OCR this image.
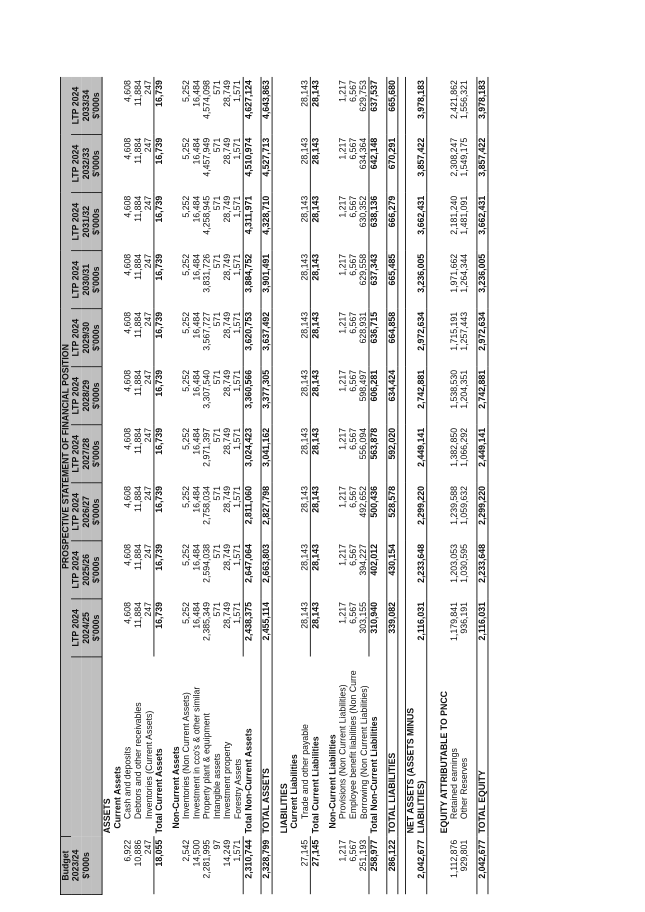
Budget	PROSPECTIVE STATEMENT OF FINANCIAL POSITION										
2023/24		LTP 2024	LTP 2024	LTP 2024	LTP 2024	LTP 2024	LTP 2024	LTP 2024	LTP 2024	LTP 2024	LTP 2024
$'000s		2024/25	2025/26	2026/27	2027/28	2028/29	2029/30	2030/31	2031/32	2032/33	2033/34
		$'000s	$'000s	$'000s	$'000s	$'000s	$'000s	$'000s	$'000s	$'000s	$'000s
	ASSETS										
	Current Assets										
6,922	Cash and deposits	4,608	4,608	4,608	4,608	4,608	4,608	4,608	4,608	4,608	4,608
10,886	Debtors and other receivables	11,884	11,884	11,884	11,884	11,884	11,884	11,884	11,884	11,884	11,884
247	Inventories (Current Assets)	247	247	247	247	247	247	247	247	247	247
18,055	Total Current Assets	16,739	16,739	16,739	16,739	16,739	16,739	16,739	16,739	16,739	16,739

	Non-Current Assets										
2,542	Inventories (Non Current Assets)	5,252	5,252	5,252	5,252	5,252	5,252	5,252	5,252	5,252	5,252
14,500	Investment in cco's & other similar	16,484	16,484	16,484	16,484	16,484	16,484	16,484	16,484	16,484	16,484
2,281,995	Property plant & equipment	2,385,349	2,594,038	2,758,034	2,971,397	3,307,540	3,567,727	3,831,726	4,258,945	4,457,949	4,574,098
97	Intangible assets	571	571	571	571	571	571	571	571	571	571
14,249	Investment property	28,749	28,749	28,749	28,749	28,749	28,749	28,749	28,749	28,749	28,749
1,571	Forestry Assets	1,571	1,571	1,571	1,571	1,571	1,571	1,571	1,571	1,571	1,571
2,310,744	Total Non-Current Assets	2,438,375	2,647,064	2,811,060	3,024,423	3,360,566	3,620,753	3,884,752	4,311,971	4,510,974	4,627,124

2,328,799	TOTAL ASSETS	2,455,114	2,663,803	2,827,798	3,041,162	3,377,305	3,637,492	3,901,491	4,328,710	4,527,713	4,643,863

	LIABILITIES										
	Current Liabilities										
27,145	Trade and other payable	28,143	28,143	28,143	28,143	28,143	28,143	28,143	28,143	28,143	28,143
27,145	Total Current Liabilities	28,143	28,143	28,143	28,143	28,143	28,143	28,143	28,143	28,143	28,143

	Non-Current Liabilities										
1,217	Provisions (Non Current Liabilities)	1,217	1,217	1,217	1,217	1,217	1,217	1,217	1,217	1,217	1,217
6,567	Employee benefit liabilities (Non Curre	6,567	6,567	6,567	6,567	6,567	6,567	6,567	6,567	6,567	6,567
251,193	Borrowing (Non Current Liabilities)	303,155	394,227	492,652	556,094	598,497	628,931	629,558	630,352	634,364	629,753
258,977	Total Non-Current Liabilities	310,940	402,012	500,436	563,878	606,281	636,715	637,343	638,136	642,148	637,537

286,122	TOTAL LIABILITIES	339,082	430,154	528,578	592,020	634,424	664,858	665,485	666,279	670,291	665,680

2,042,677	NET ASSETS (ASSETS MINUS LIABILITIES)	2,116,031	2,233,648	2,299,220	2,449,141	2,742,881	2,972,634	3,236,005	3,662,431	3,857,422	3,978,183

	EQUITY ATTRIBUTABLE TO PNCC										
1,112,876	Retained earnings	1,179,841	1,203,053	1,239,588	1,382,850	1,538,530	1,715,191	1,971,662	2,181,240	2,308,247	2,421,862
929,801	Other Reserves	936,191	1,030,595	1,059,632	1,066,292	1,204,351	1,257,443	1,264,344	1,481,091	1,549,175	1,556,321

2,042,677	TOTAL EQUITY	2,116,031	2,233,648	2,299,220	2,449,141	2,742,881	2,972,634	3,236,005	3,662,431	3,857,422	3,978,183
